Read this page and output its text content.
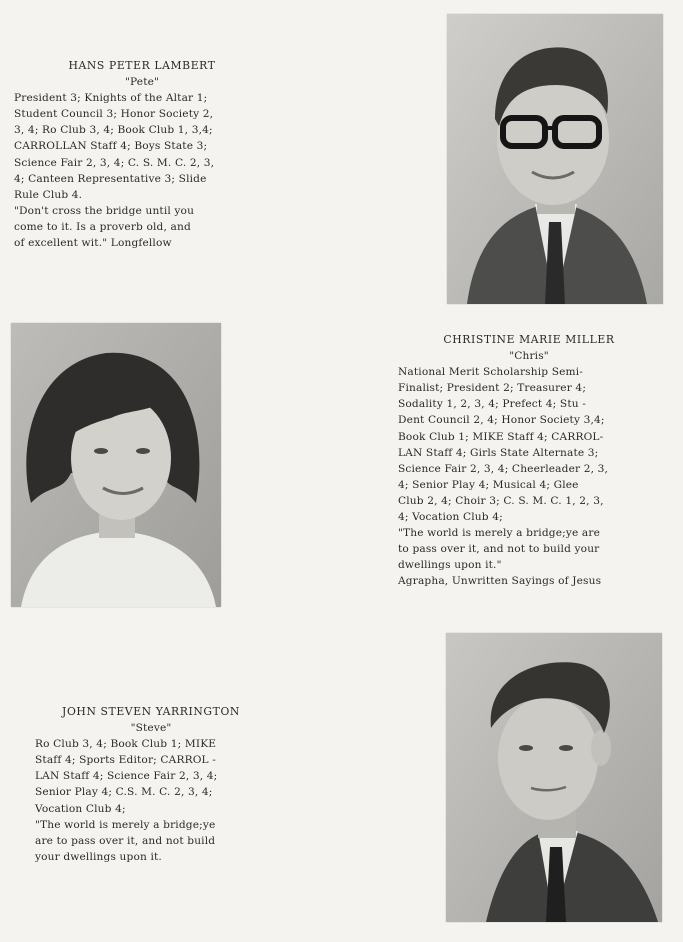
HANS PETER LAMBERT

"Pete"

President 3; Knights of the Altar 1;

Student Council 3; Honor Society 2,

3, 4; Ro Club 3, 4; Book Club 1, 3,4;

CARROLLAN Staff 4; Boys State 3;

Science Fair 2, 3, 4; C. S. M. C. 2, 3,

4; Canteen Representative 3; Slide

Rule Club 4.

"Don't cross the bridge until you

come to it. Is a proverb old, and

of excellent wit." Longfellow

CHRISTINE MARIE MILLER

"Chris"

National Merit Scholarship Semi-

Finalist; President 2; Treasurer 4;

Sodality 1, 2, 3, 4; Prefect 4; Stu -

Dent Council 2, 4; Honor Society 3,4;

Book Club 1; MIKE Staff 4; CARROL-

LAN Staff 4; Girls State Alternate 3;

Science Fair 2, 3, 4; Cheerleader 2, 3,

4; Senior Play 4; Musical 4; Glee

Club 2, 4; Choir 3; C. S. M. C. 1, 2, 3,

4; Vocation Club 4;

"The world is merely a bridge;ye are

to pass over it, and not to build your

dwellings upon it."

Agrapha, Unwritten Sayings of Jesus

JOHN STEVEN YARRINGTON

"Steve"

Ro Club 3, 4; Book Club 1; MIKE

Staff 4; Sports Editor; CARROL -

LAN Staff 4; Science Fair 2, 3, 4;

Senior Play 4; C.S. M. C. 2, 3, 4;

Vocation Club 4;

"The world is merely a bridge;ye

are to pass over it, and not build

your dwellings upon it.
